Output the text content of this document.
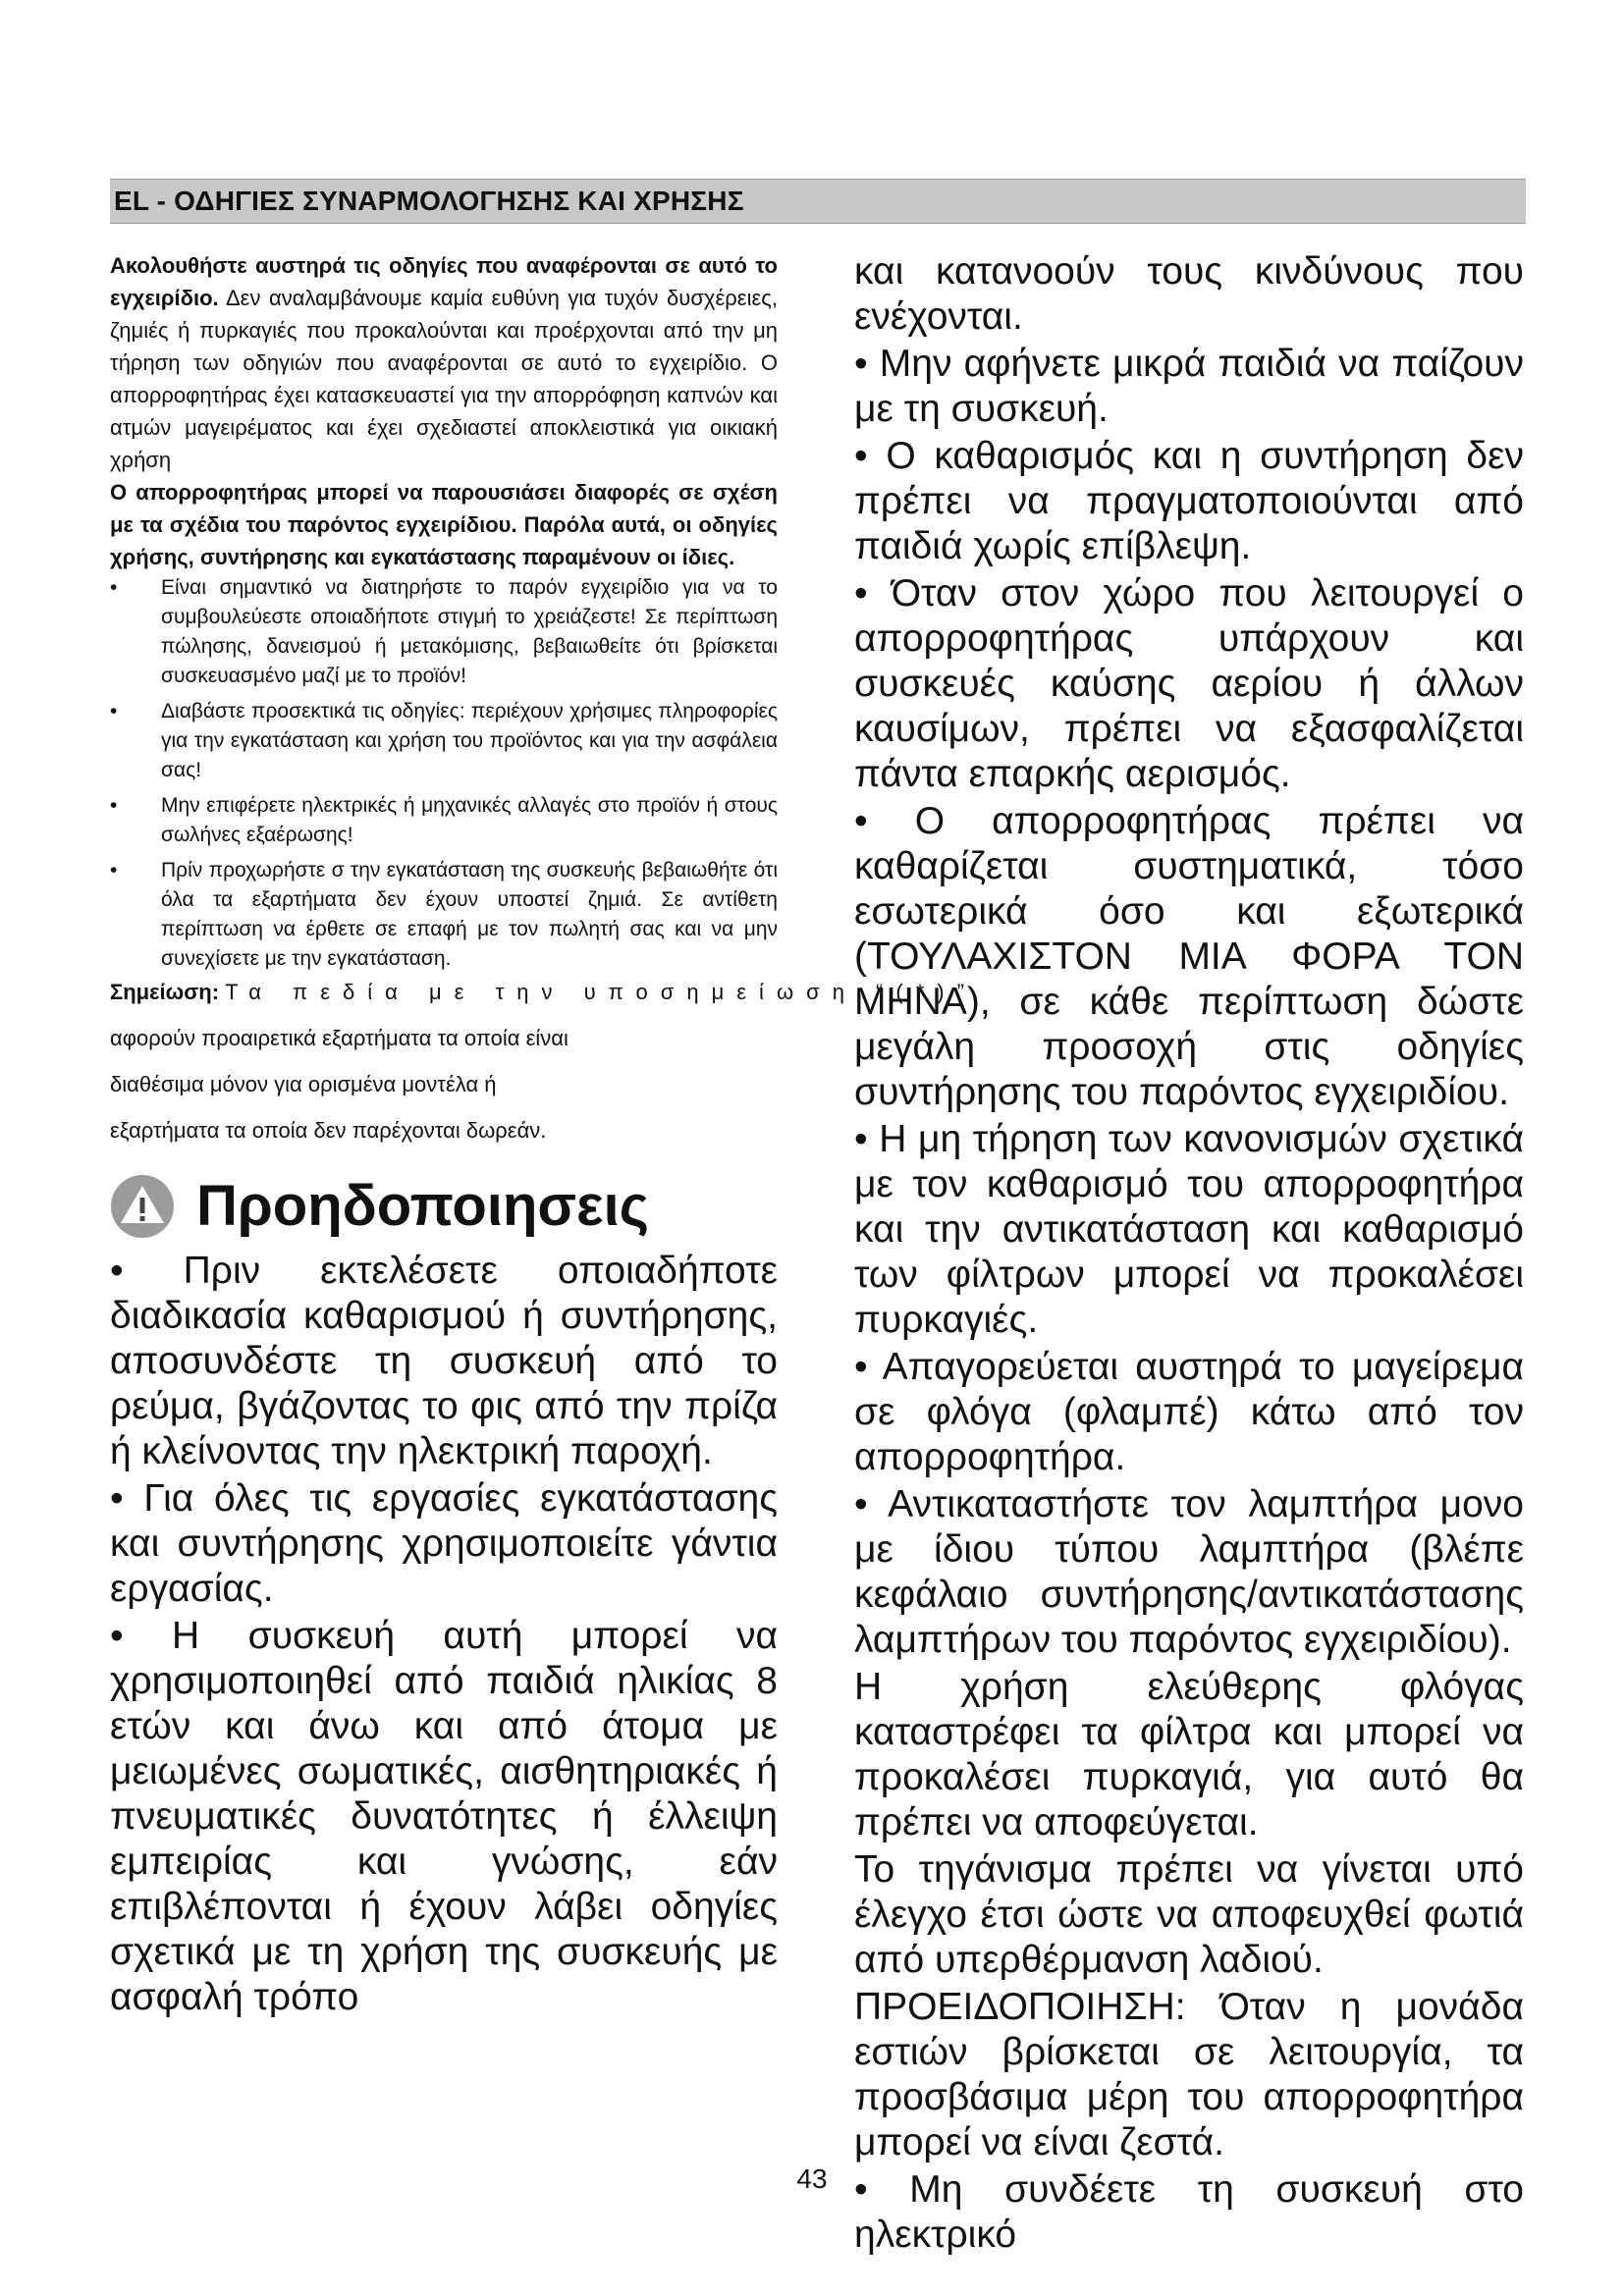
EL - ΟΔΗΓΙΕΣ ΣΥΝΑΡΜΟΛΟΓΗΣΗΣ ΚΑΙ ΧΡΗΣΗΣ

Ακολουθήστε αυστηρά τις οδηγίες που αναφέρονται σε αυτό το εγχειρίδιο. Δεν αναλαμβάνουμε καμία ευθύνη για τυχόν δυσχέρειες, ζημιές ή πυρκαγιές που προκαλούνται και προέρχονται από την μη τήρηση των οδηγιών που αναφέρονται σε αυτό το εγχειρίδιο. Ο απορροφητήρας έχει κατασκευαστεί για την απορρόφηση καπνών και ατμών μαγειρέματος και έχει σχεδιαστεί αποκλειστικά για οικιακή χρήση

Ο απορροφητήρας μπορεί να παρουσιάσει διαφορές σε σχέση με τα σχέδια του παρόντος εγχειρίδιου. Παρόλα αυτά, οι οδηγίες χρήσης, συντήρησης και εγκατάστασης παραμένουν οι ίδιες.

• Είναι σημαντικό να διατηρήστε το παρόν εγχειρίδιο για να το συμβουλεύεστε οποιαδήποτε στιγμή το χρειάζεστε! Σε περίπτωση πώλησης, δανεισμού ή μετακόμισης, βεβαιωθείτε ότι βρίσκεται συσκευασμένο μαζί με το προϊόν!
• Διαβάστε προσεκτικά τις οδηγίες: περιέχουν χρήσιμες πληροφορίες για την εγκατάσταση και χρήση του προϊόντος και για την ασφάλεια σας!
• Μην επιφέρετε ηλεκτρικές ή μηχανικές αλλαγές στο προϊόν ή στους σωλήνες εξαέρωσης!
• Πρίν προχωρήστε σ την εγκατάσταση της συσκευής βεβαιωθήτε ότι όλα τα εξαρτήματα δεν έχουν υποστεί ζημιά. Σε αντίθετη περίπτωση να έρθετε σε επαφή με τον πωλητή σας και να μην συνεχίσετε με την εγκατάσταση.

Σημείωση: Τα πεδία με την υποσημείωση “(*)”

αφορούν προαιρετικά εξαρτήματα τα οποία είναι

διαθέσιμα μόνον για ορισμένα μοντέλα ή

εξαρτήματα τα οποία δεν παρέχονται δωρεάν.

Προηδοποιησεις

• Πριν εκτελέσετε οποιαδήποτε διαδικασία καθαρισμού ή συντήρησης, αποσυνδέστε τη συσκευή από το ρεύμα, βγάζοντας το φις από την πρίζα ή κλείνοντας την ηλεκτρική παροχή.

• Για όλες τις εργασίες εγκατάστασης και συντήρησης χρησιμοποιείτε γάντια εργασίας.

• Η συσκευή αυτή μπορεί να χρησιμοποιηθεί από παιδιά ηλικίας 8 ετών και άνω και από άτομα με μειωμένες σωματικές, αισθητηριακές ή πνευματικές δυνατότητες ή έλλειψη εμπειρίας και γνώσης, εάν επιβλέπονται ή έχουν λάβει οδηγίες σχετικά με τη χρήση της συσκευής με ασφαλή τρόπο

και κατανοούν τους κινδύνους που ενέχονται.

• Μην αφήνετε μικρά παιδιά να παίζουν με τη συσκευή.

• Ο καθαρισμός και η συντήρηση δεν πρέπει να πραγματοποιούνται από παιδιά χωρίς επίβλεψη.

• Όταν στον χώρο που λειτουργεί ο απορροφητήρας υπάρχουν και συσκευές καύσης αερίου ή άλλων καυσίμων, πρέπει να εξασφαλίζεται πάντα επαρκής αερισμός.

• Ο απορροφητήρας πρέπει να καθαρίζεται συστηματικά, τόσο εσωτερικά όσο και εξωτερικά (ΤΟΥΛΑΧΙΣΤΟΝ ΜΙΑ ΦΟΡΑ ΤΟΝ ΜΗΝΑ), σε κάθε περίπτωση δώστε μεγάλη προσοχή στις οδηγίες συντήρησης του παρόντος εγχειριδίου.

• Η μη τήρηση των κανονισμών σχετικά με τον καθαρισμό του απορροφητήρα και την αντικατάσταση και καθαρισμό των φίλτρων μπορεί να προκαλέσει πυρκαγιές.

• Απαγορεύεται αυστηρά το μαγείρεμα σε φλόγα (φλαμπέ) κάτω από τον απορροφητήρα.

• Αντικαταστήστε τον λαμπτήρα μονο με ίδιου τύπου λαμπτήρα (βλέπε κεφάλαιο συντήρησης/αντικατάστασης λαμπτήρων του παρόντος εγχειριδίου).

Η χρήση ελεύθερης φλόγας καταστρέφει τα φίλτρα και μπορεί να προκαλέσει πυρκαγιά, για αυτό θα πρέπει να αποφεύγεται.

Το τηγάνισμα πρέπει να γίνεται υπό έλεγχο έτσι ώστε να αποφευχθεί φωτιά από υπερθέρμανση λαδιού.

ΠΡΟΕΙΔΟΠΟΙΗΣΗ: Όταν η μονάδα εστιών βρίσκεται σε λειτουργία, τα προσβάσιμα μέρη του απορροφητήρα μπορεί να είναι ζεστά.

• Μη συνδέετε τη συσκευή στο ηλεκτρικό

43
